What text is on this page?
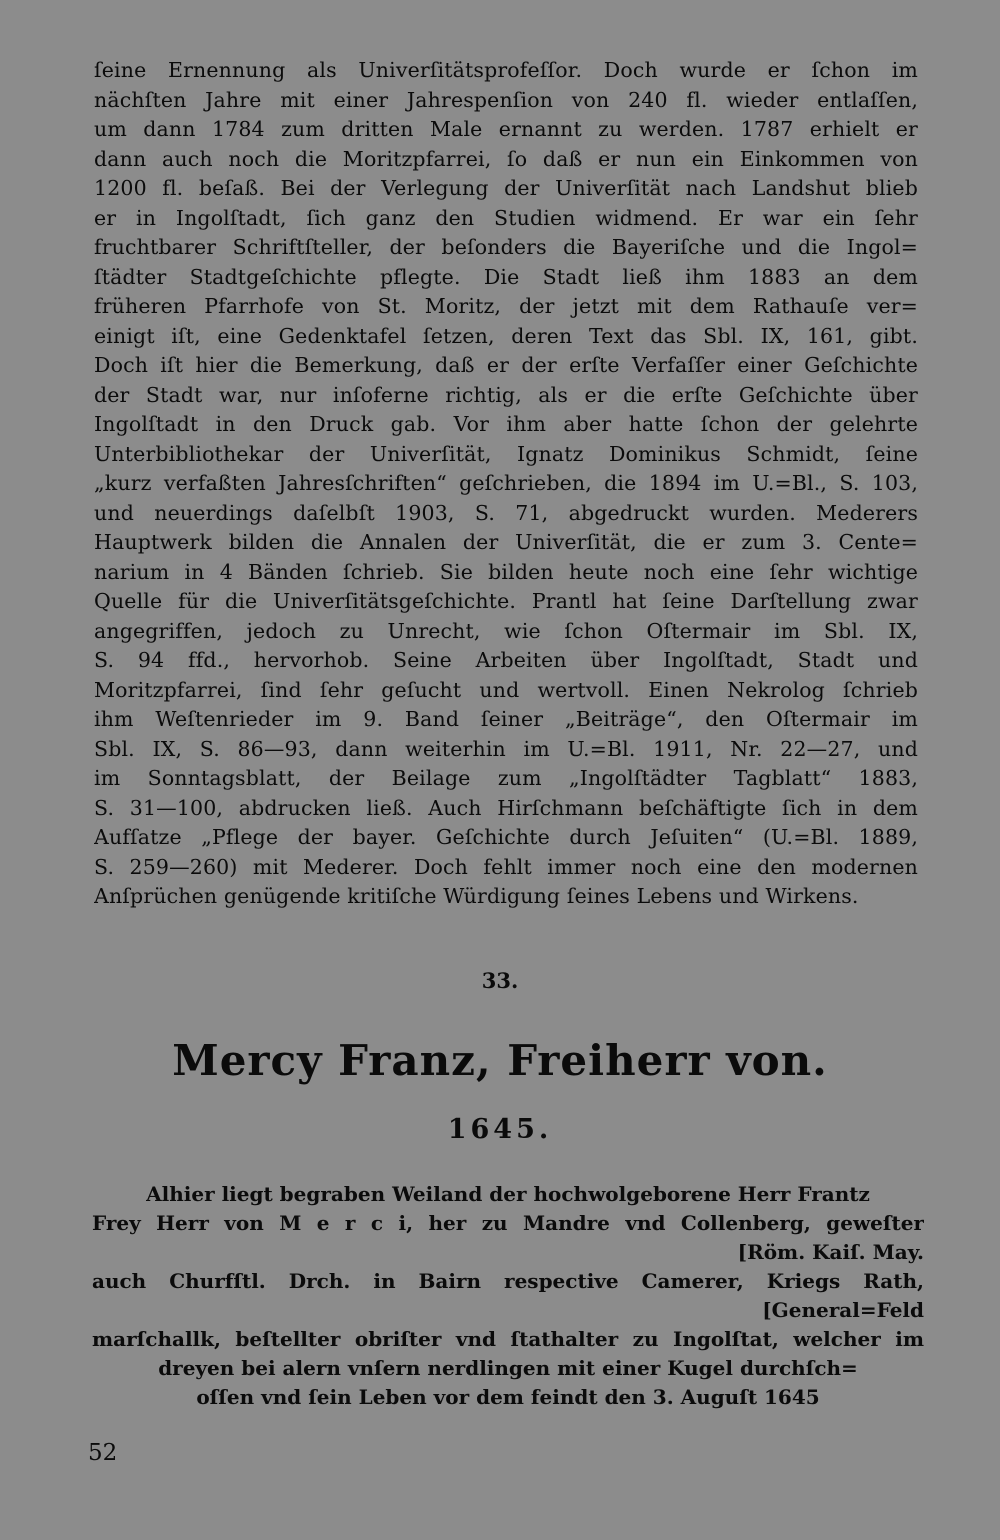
ſeine Ernennung als Univerſitätsprofeſſor. Doch wurde er ſchon im
nächſten Jahre mit einer Jahrespenſion von 240 fl. wieder entlaſſen,
um dann 1784 zum dritten Male ernannt zu werden. 1787 erhielt er
dann auch noch die Moritzpfarrei, ſo daß er nun ein Einkommen von
1200 fl. beſaß. Bei der Verlegung der Univerſität nach Landshut blieb
er in Ingolſtadt, ſich ganz den Studien widmend. Er war ein ſehr
fruchtbarer Schriftſteller, der beſonders die Bayeriſche und die Ingol=
ſtädter Stadtgeſchichte pflegte. Die Stadt ließ ihm 1883 an dem
früheren Pfarrhofe von St. Moritz, der jetzt mit dem Rathauſe ver=
einigt iſt, eine Gedenktafel ſetzen, deren Text das Sbl. IX, 161, gibt.
Doch iſt hier die Bemerkung, daß er der erſte Verfaſſer einer Geſchichte
der Stadt war, nur inſoferne richtig, als er die erſte Geſchichte über
Ingolſtadt in den Druck gab. Vor ihm aber hatte ſchon der gelehrte
Unterbibliothekar der Univerſität, Ignatz Dominikus Schmidt, ſeine
„kurz verfaßten Jahresſchriften“ geſchrieben, die 1894 im U.=Bl., S. 103,
und neuerdings daſelbſt 1903, S. 71, abgedruckt wurden. Mederers
Hauptwerk bilden die Annalen der Univerſität, die er zum 3. Cente=
narium in 4 Bänden ſchrieb. Sie bilden heute noch eine ſehr wichtige
Quelle für die Univerſitätsgeſchichte. Prantl hat ſeine Darſtellung zwar
angegriffen, jedoch zu Unrecht, wie ſchon Oſtermair im Sbl. IX,
S. 94 ffd., hervorhob. Seine Arbeiten über Ingolſtadt, Stadt und
Moritzpfarrei, ſind ſehr geſucht und wertvoll. Einen Nekrolog ſchrieb
ihm Weſtenrieder im 9. Band ſeiner „Beiträge“, den Oſtermair im
Sbl. IX, S. 86—93, dann weiterhin im U.=Bl. 1911, Nr. 22—27, und
im Sonntagsblatt, der Beilage zum „Ingolſtädter Tagblatt“ 1883,
S. 31—100, abdrucken ließ. Auch Hirſchmann beſchäftigte ſich in dem
Aufſatze „Pflege der bayer. Geſchichte durch Jeſuiten“ (U.=Bl. 1889,
S. 259—260) mit Mederer. Doch fehlt immer noch eine den modernen
Anſprüchen genügende kritiſche Würdigung ſeines Lebens und Wirkens.
33.
Mercy Franz, Freiherr von.
1645.
Alhier liegt begraben Weiland der hochwolgeborene Herr Frantz
Frey Herr von M e r c i, her zu Mandre vnd Collenberg, geweſter
[Röm. Kaiſ. May.
auch Churfſtl. Drch. in Bairn respective Camerer, Kriegs Rath,
[General=Feld
marſchallk, beſtellter obriſter vnd ſtathalter zu Ingolſtat, welcher im
dreyen bei alern vnſern nerdlingen mit einer Kugel durchſch=
oſſen vnd ſein Leben vor dem feindt den 3. Auguſt 1645
52
